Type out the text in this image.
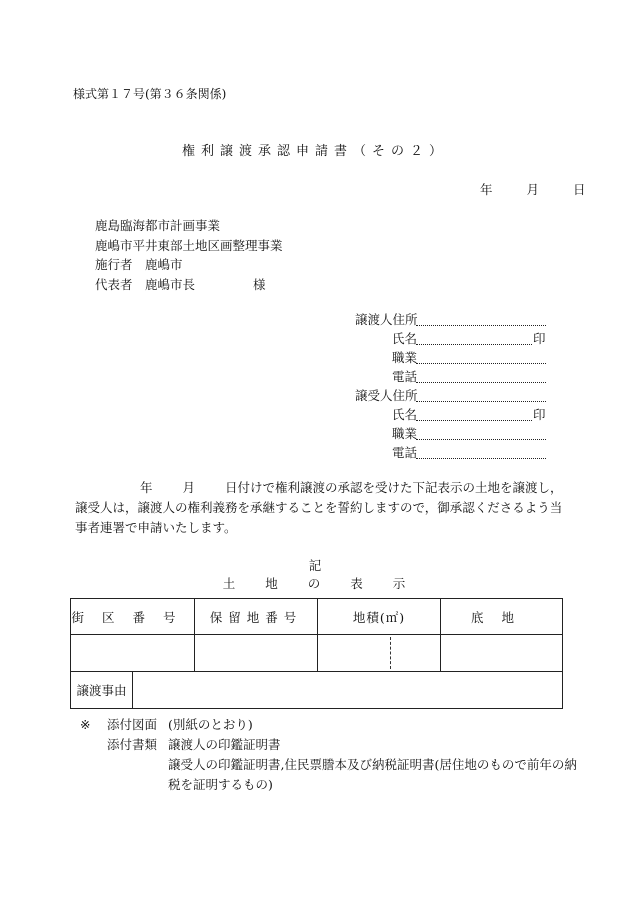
様式第１７号(第３６条関係)
権利譲渡承認申請書（その２）
年	月	日
鹿島臨海都市計画事業
鹿嶋市平井東部土地区画整理事業
施行者　鹿嶋市
代表者　鹿嶋市長	様
譲渡人住所
氏名	印
職業
電話
譲受人住所
氏名	印
職業
電話
年 月 日付けで権利譲渡の承認を受けた下記表示の土地を譲渡し，譲受人は，譲渡人の権利義務を承継することを誓約しますので，御承認くださるよう当事者連署で申請いたします。
記
土 地 の 表 示
街区番号		保留地番号	地積(㎡)	底地

譲渡事由				
※ 添付図面 (別紙のとおり)
添付書類 譲渡人の印鑑証明書
譲受人の印鑑証明書,住民票謄本及び納税証明書(居住地のもので前年の納
税を証明するもの)
